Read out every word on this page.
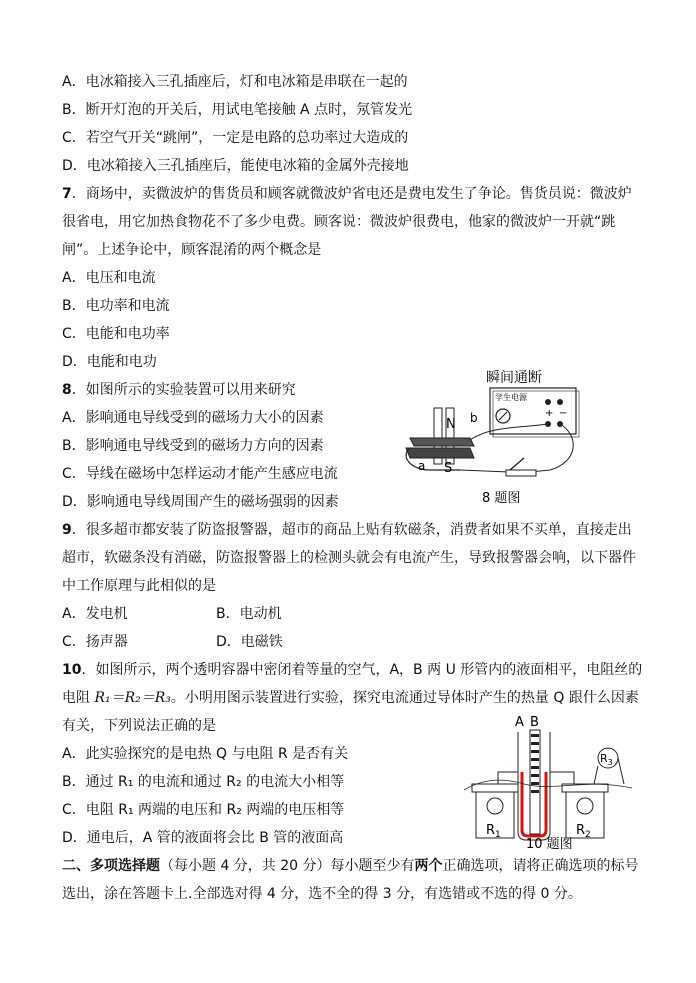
A．电冰箱接入三孔插座后，灯和电冰箱是串联在一起的
B．断开灯泡的开关后，用试电笔接触 A 点时，氖管发光
C．若空气开关“跳闸”，一定是电路的总功率过大造成的
D．电冰箱接入三孔插座后，能使电冰箱的金属外壳接地
7．商场中，卖微波炉的售货员和顾客就微波炉省电还是费电发生了争论。售货员说：微波炉
很省电，用它加热食物花不了多少电费。顾客说：微波炉很费电，他家的微波炉一开就“跳
闸”。上述争论中，顾客混淆的两个概念是
A．电压和电流
B．电功率和电流
C．电能和电功率
D．电能和电功
8．如图所示的实验装置可以用来研究
A．影响通电导线受到的磁场力大小的因素
B．影响通电导线受到的磁场力方向的因素
C．导线在磁场中怎样运动才能产生感应电流
D．影响通电导线周围产生的磁场强弱的因素
瞬间通断
学生电源
+ −
N
S
b
a
8 题图
9．很多超市都安装了防盗报警器，超市的商品上贴有软磁条，消费者如果不买单，直接走出
超市，软磁条没有消磁，防盗报警器上的检测头就会有电流产生，导致报警器会响，以下器件
中工作原理与此相似的是
A．发电机	B．电动机
C．扬声器	D．电磁铁
10．如图所示，两个透明容器中密闭着等量的空气，A，B 两 U 形管内的液面相平，电阻丝的
电阻 R₁＝R₂＝R₃。小明用图示装置进行实验，探究电流通过导体时产生的热量 Q 跟什么因素
有关，下列说法正确的是
A．此实验探究的是电热 Q 与电阻 R 是否有关
B．通过 R₁ 的电流和通过 R₂ 的电流大小相等
C．电阻 R₁ 两端的电压和 R₂ 两端的电压相等
D．通电后，A 管的液面将会比 B 管的液面高
A B
$R_1$	$R_2$
$R_3$
10 题图
二、多项选择题（每小题 4 分，共 20 分）每小题至少有两个正确选项，请将正确选项的标号
选出，涂在答题卡上.全部选对得 4 分，选不全的得 3 分，有选错或不选的得 0 分。
